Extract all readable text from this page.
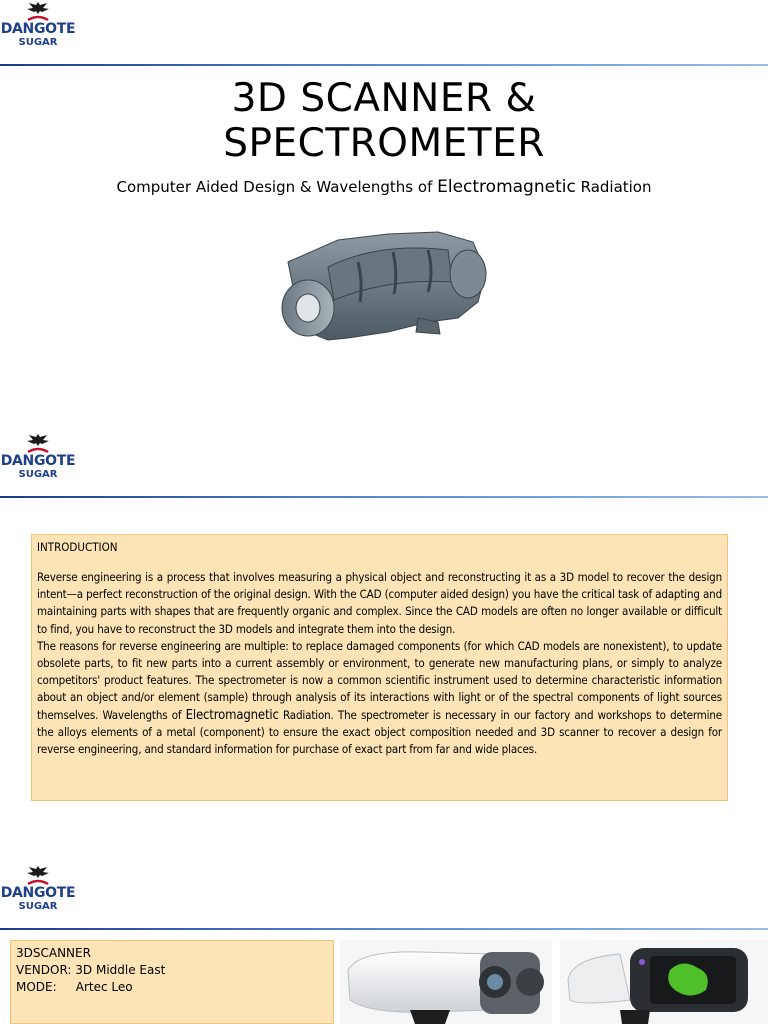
DANGOTE
SUGAR
3D SCANNER &
SPECTROMETER
Computer Aided Design & Wavelengths of Electromagnetic Radiation
DANGOTE
SUGAR
INTRODUCTION

Reverse engineering is a process that involves measuring a physical object and reconstructing it as a 3D model to recover the design intent—a perfect reconstruction of the original design. With the CAD (computer aided design) you have the critical task of adapting and maintaining parts with shapes that are frequently organic and complex. Since the CAD models are often no longer available or difficult to find, you have to reconstruct the 3D models and integrate them into the design.

The reasons for reverse engineering are multiple: to replace damaged components (for which CAD models are nonexistent), to update obsolete parts, to fit new parts into a current assembly or environment, to generate new manufacturing plans, or simply to analyze competitors' product features. The spectrometer is now a common scientific instrument used to determine characteristic information about an object and/or element (sample) through analysis of its interactions with light or of the spectral components of light sources themselves. Wavelengths of Electromagnetic Radiation. The spectrometer is necessary in our factory and workshops to determine the alloys elements of a metal (component) to ensure the exact object composition needed and 3D scanner to recover a design for reverse engineering, and standard information for purchase of exact part from far and wide places.

DANGOTE
SUGAR
3DSCANNER
VENDOR: 3D Middle East
MODE:     Artec Leo
